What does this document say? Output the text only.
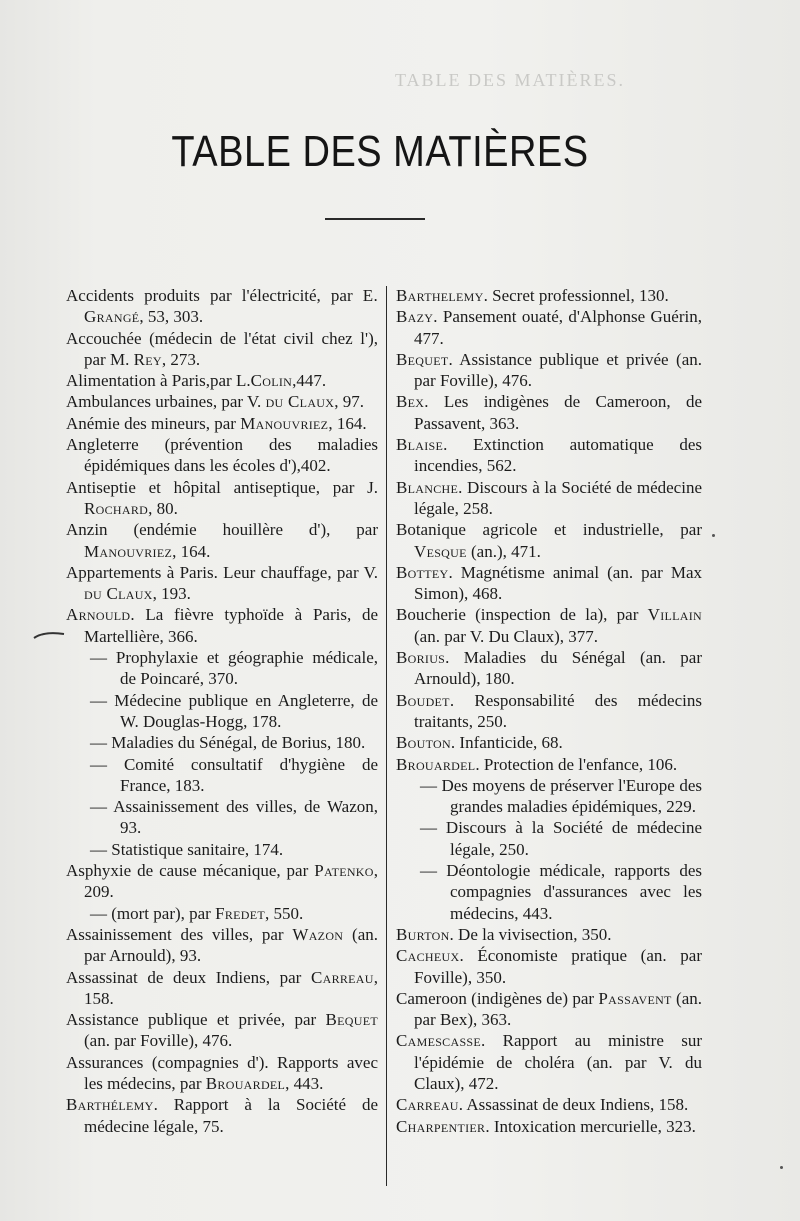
TABLE DES MATIÈRES.
TABLE DES MATIÈRES

Accidents produits par l'électricité, par E. Grangé, 53, 303.

Accouchée (médecin de l'état civil chez l'), par M. Rey, 273.

Alimentation à Paris,par L.Colin,447.

Ambulances urbaines, par V. du Claux, 97.

Anémie des mineurs, par Manouvriez, 164.

Angleterre (prévention des maladies épidémiques dans les écoles d'),402.

Antiseptie et hôpital antiseptique, par J. Rochard, 80.

Anzin (endémie houillère d'), par Manouvriez, 164.

Appartements à Paris. Leur chauffage, par V. du Claux, 193.

Arnould. La fièvre typhoïde à Paris, de Martellière, 366.

— Prophylaxie et géographie médicale, de Poincaré, 370.

— Médecine publique en Angleterre, de W. Douglas-Hogg, 178.

— Maladies du Sénégal, de Borius, 180.

— Comité consultatif d'hygiène de France, 183.

— Assainissement des villes, de Wazon, 93.

— Statistique sanitaire, 174.

Asphyxie de cause mécanique, par Patenko, 209.

— (mort par), par Fredet, 550.

Assainissement des villes, par Wazon (an. par Arnould), 93.

Assassinat de deux Indiens, par Carreau, 158.

Assistance publique et privée, par Bequet (an. par Foville), 476.

Assurances (compagnies d'). Rapports avec les médecins, par Brouardel, 443.

Barthélemy. Rapport à la Société de médecine légale, 75.

Barthelemy. Secret professionnel, 130.

Bazy. Pansement ouaté, d'Alphonse Guérin, 477.

Bequet. Assistance publique et privée (an. par Foville), 476.

Bex. Les indigènes de Cameroon, de Passavent, 363.

Blaise. Extinction automatique des incendies, 562.

Blanche. Discours à la Société de médecine légale, 258.

Botanique agricole et industrielle, par Vesque (an.), 471.

Bottey. Magnétisme animal (an. par Max Simon), 468.

Boucherie (inspection de la), par Villain (an. par V. Du Claux), 377.

Borius. Maladies du Sénégal (an. par Arnould), 180.

Boudet. Responsabilité des médecins traitants, 250.

Bouton. Infanticide, 68.

Brouardel. Protection de l'enfance, 106.

— Des moyens de préserver l'Europe des grandes maladies épidémiques, 229.

— Discours à la Société de médecine légale, 250.

— Déontologie médicale, rapports des compagnies d'assurances avec les médecins, 443.

Burton. De la vivisection, 350.

Cacheux. Économiste pratique (an. par Foville), 350.

Cameroon (indigènes de) par Passavent (an. par Bex), 363.

Camescasse. Rapport au ministre sur l'épidémie de choléra (an. par V. du Claux), 472.

Carreau. Assassinat de deux Indiens, 158.

Charpentier. Intoxication mercurielle, 323.
